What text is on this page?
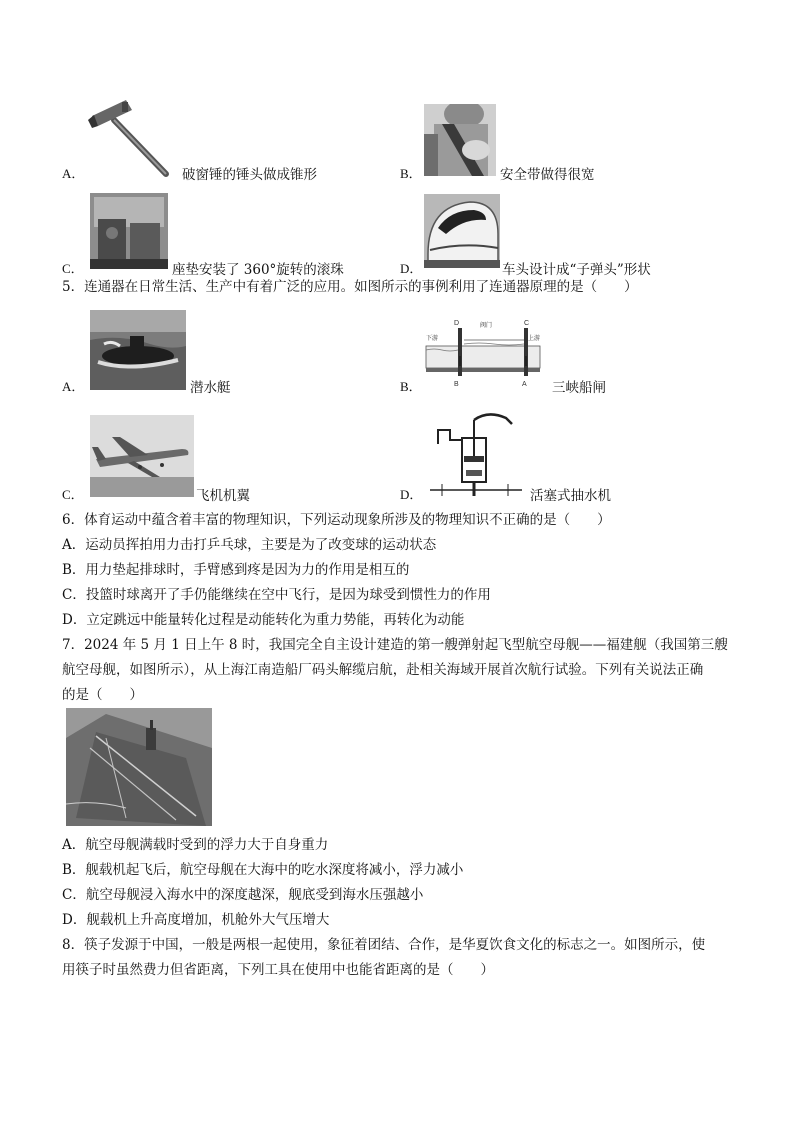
A．	破窗锤的锤头做成锥形	B．	安全带做得很宽
C．	座垫安装了 360°旋转的滚珠	D．	车头设计成“子弹头”形状
5．连通器在日常生活、生产中有着广泛的应用。如图所示的事例利用了连通器原理的是（　　）
A．	潜水艇
D	阀门	C
下游	上游
B	A
B．	三峡船闸
C．	飞机机翼	D．	活塞式抽水机
6．体育运动中蕴含着丰富的物理知识，下列运动现象所涉及的物理知识不正确的是（　　）
A．运动员挥拍用力击打乒乓球，主要是为了改变球的运动状态
B．用力垫起排球时，手臂感到疼是因为力的作用是相互的
C．投篮时球离开了手仍能继续在空中飞行，是因为球受到惯性力的作用
D．立定跳远中能量转化过程是动能转化为重力势能，再转化为动能
7．2024 年 5 月 1 日上午 8 时，我国完全自主设计建造的第一艘弹射起飞型航空母舰——福建舰（我国第三艘
航空母舰，如图所示），从上海江南造船厂码头解缆启航，赴相关海域开展首次航行试验。下列有关说法正确
的是（　　）
A．航空母舰满载时受到的浮力大于自身重力
B．舰载机起飞后，航空母舰在大海中的吃水深度将减小，浮力减小
C．航空母舰浸入海水中的深度越深，舰底受到海水压强越小
D．舰载机上升高度增加，机舱外大气压增大
8．筷子发源于中国，一般是两根一起使用，象征着团结、合作，是华夏饮食文化的标志之一。如图所示，使
用筷子时虽然费力但省距离，下列工具在使用中也能省距离的是（　　）
